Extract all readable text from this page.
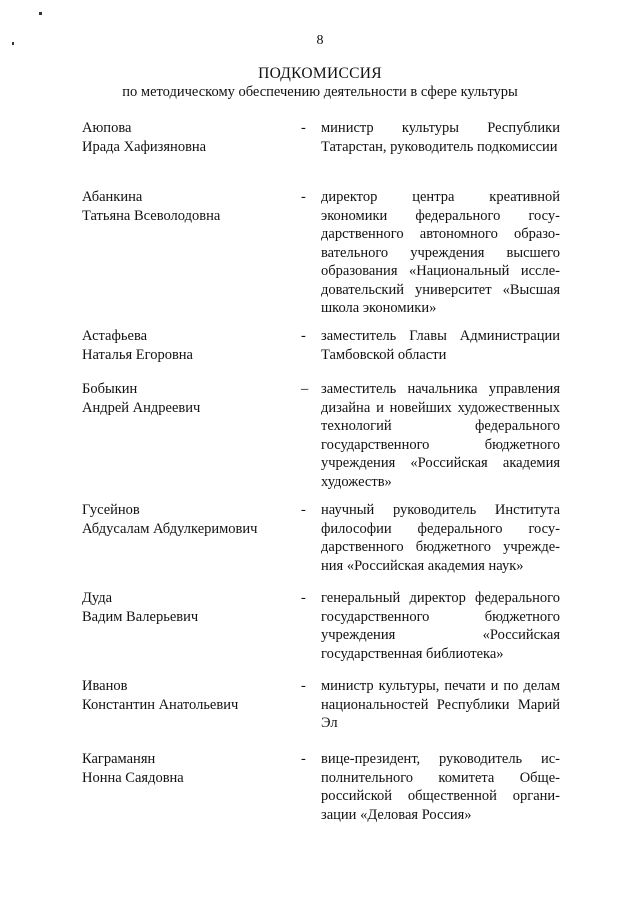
8
ПОДКОМИССИЯ
по методическому обеспечению деятельности в сфере культуры
Аюпова
Ирада Хафизяновна
-	министр культуры Республики Татарстан, руководитель подкомиссии
Абанкина
Татьяна Всеволодовна
-	директор центра креативной экономики федерального государственного автономного образовательного учреждения высшего образования «Национальный исследовательский университет «Высшая школа экономики»
Астафьева
Наталья Егоровна
-	заместитель Главы Администрации Тамбовской области
Бобыкин
Андрей Андреевич
– заместитель начальника управления дизайна и новейших художественных технологий федерального государственного бюджетного учреждения «Российская академия художеств»
Гусейнов
Абдусалам Абдулкеримович
-	научный руководитель Института философии федерального государственного бюджетного учреждения «Российская академия наук»
Дуда
Вадим Валерьевич
-	генеральный директор федерального государственного бюджетного учреждения «Российская государственная библиотека»
Иванов
Константин Анатольевич
-	министр культуры, печати и по делам национальностей Республики Марий Эл
Каграманян
Нонна Саядовна
-	вице-президент, руководитель исполнительного комитета Общероссийской общественной организации «Деловая Россия»
